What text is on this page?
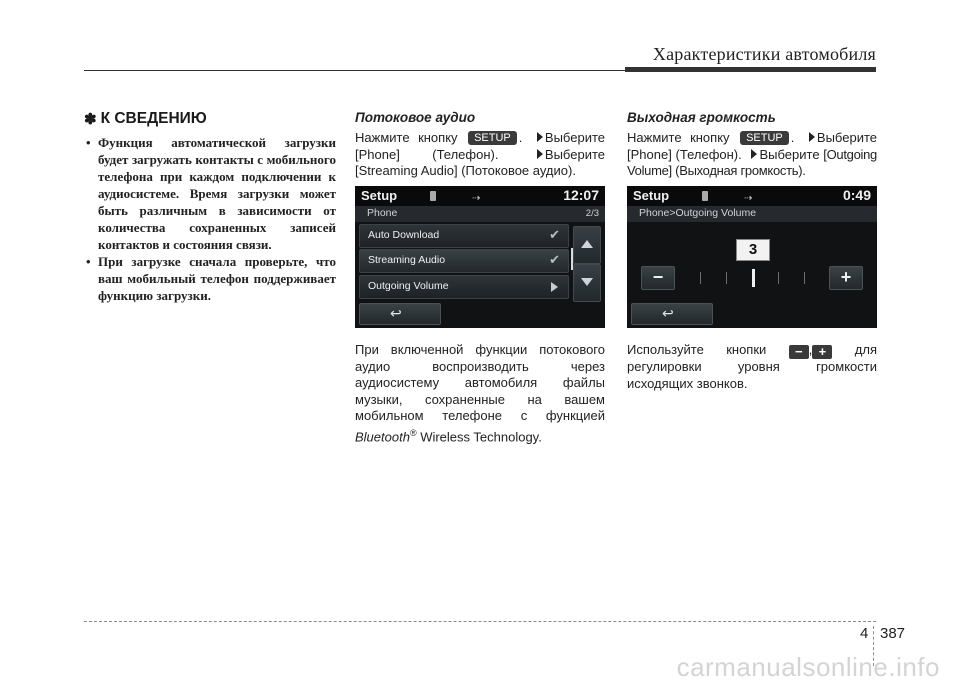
Характеристики автомобиля
✽ К СВЕДЕНИЮ
• Функция автоматической загрузки будет загружать контакты с мобильного телефона при каждом подключении к аудиосистеме. Время загрузки может быть различным в зависимости от количества сохраненных записей контактов и состояния связи.
• При загрузке сначала проверьте, что ваш мобильный телефон поддерживает функцию загрузки.
Потоковое аудио

Нажмите кнопку SETUP . Выберите [Phone] (Телефон).	Выберите [Streaming Audio] (Потоковое аудио).

Setup	⇢	12:07
Phone	2/3
Auto Download	✔
Streaming Audio	✔
Outgoing Volume
↩

При включенной функции потокового аудио воспроизводить через аудиосистему автомобиля файлы музыки, сохраненные на вашем мобильном телефоне с функцией Bluetooth® Wireless Technology.

Выходная громкость

Нажмите кнопку SETUP . Выберите [Phone] (Телефон). Выберите [Outgoing Volume] (Выходная громкость).

Setup	⇢	0:49
Phone>Outgoing Volume
3
−	+
↩

Используйте кнопки − , + для регулировки уровня громкости исходящих звонков.

4 387
carmanualsonline.info
